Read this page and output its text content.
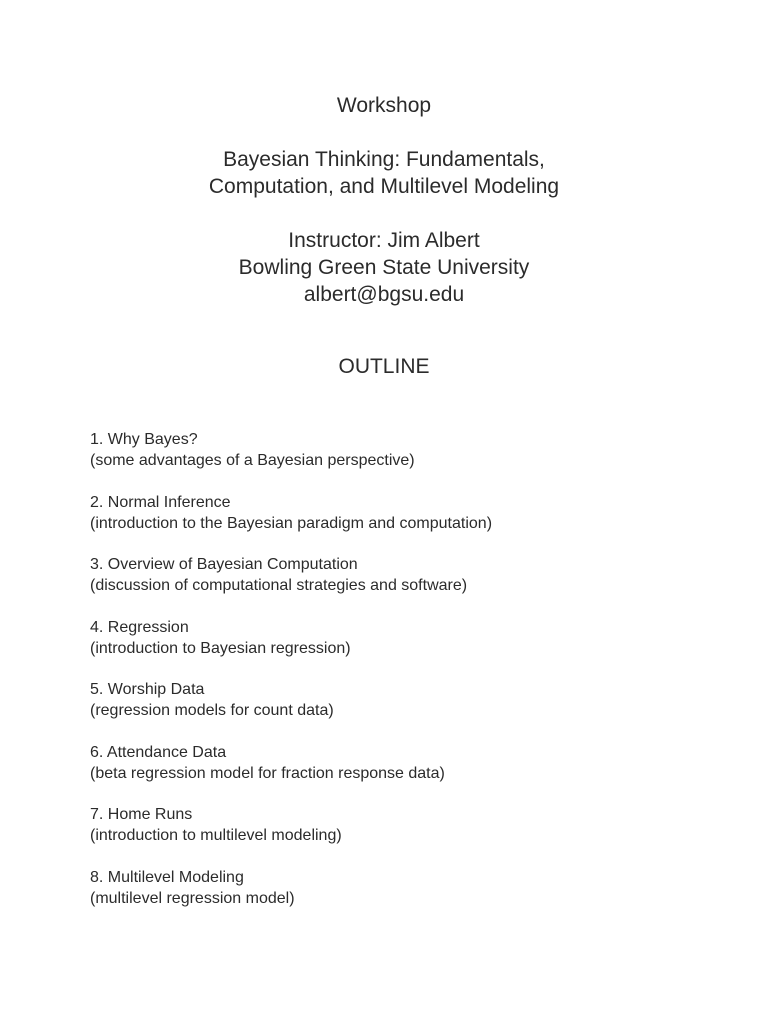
Workshop
Bayesian Thinking: Fundamentals,
Computation, and Multilevel Modeling
Instructor: Jim Albert
Bowling Green State University
albert@bgsu.edu
OUTLINE
1. Why Bayes?
(some advantages of a Bayesian perspective)
2. Normal Inference
(introduction to the Bayesian paradigm and computation)
3. Overview of Bayesian Computation
(discussion of computational strategies and software)
4. Regression
(introduction to Bayesian regression)
5. Worship Data
(regression models for count data)
6. Attendance Data
(beta regression model for fraction response data)
7. Home Runs
(introduction to multilevel modeling)
8. Multilevel Modeling
(multilevel regression model)
